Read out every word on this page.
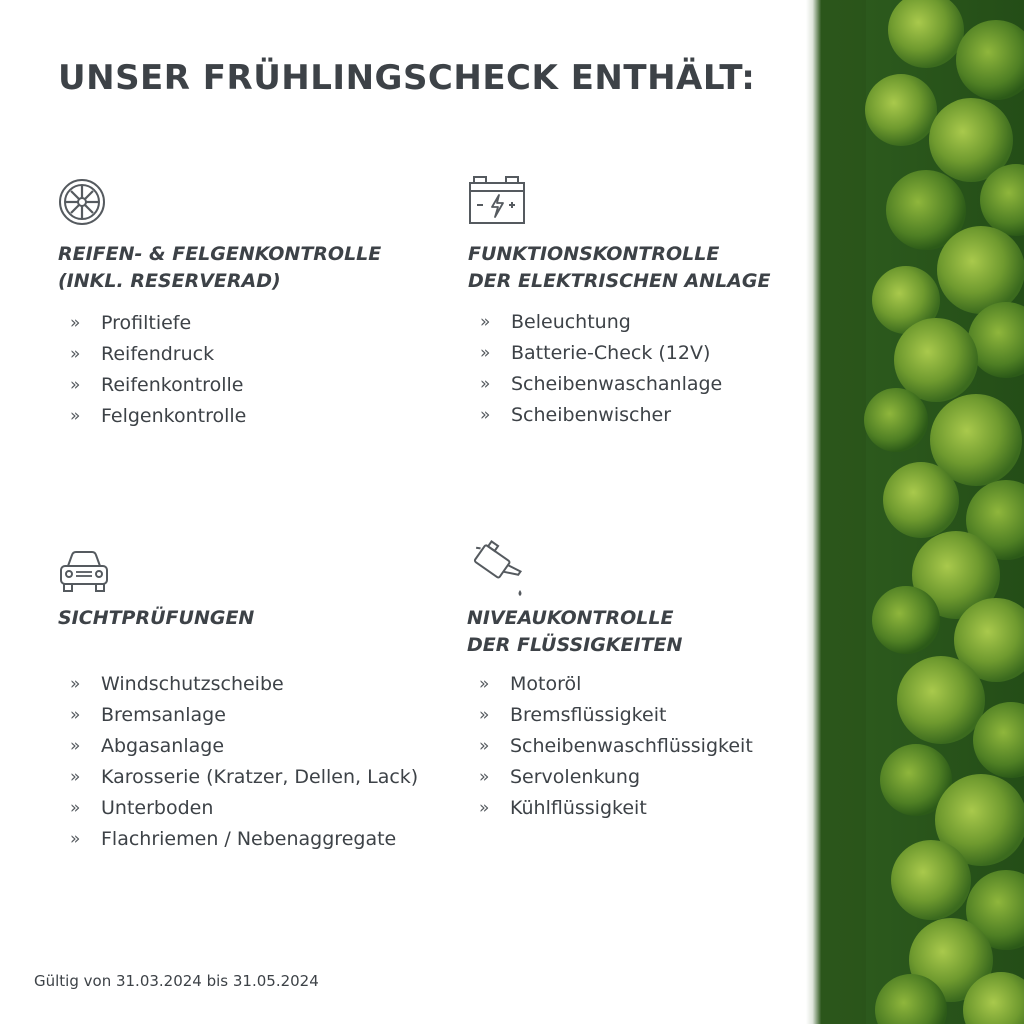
UNSER FRÜHLINGSCHECK ENTHÄLT:
REIFEN- & FELGENKONTROLLE
(INKL. RESERVERAD)
» Profiltiefe
» Reifendruck
» Reifenkontrolle
» Felgenkontrolle
FUNKTIONSKONTROLLE
DER ELEKTRISCHEN ANLAGE
» Beleuchtung
» Batterie-Check (12V)
» Scheibenwaschanlage
» Scheibenwischer
SICHTPRÜFUNGEN
» Windschutzscheibe
» Bremsanlage
» Abgasanlage
» Karosserie (Kratzer, Dellen, Lack)
» Unterboden
» Flachriemen / Nebenaggregate
NIVEAUKONTROLLE
DER FLÜSSIGKEITEN
» Motoröl
» Bremsflüssigkeit
» Scheibenwaschflüssigkeit
» Servolenkung
» Kühlflüssigkeit
Gültig von 31.03.2024 bis 31.05.2024
